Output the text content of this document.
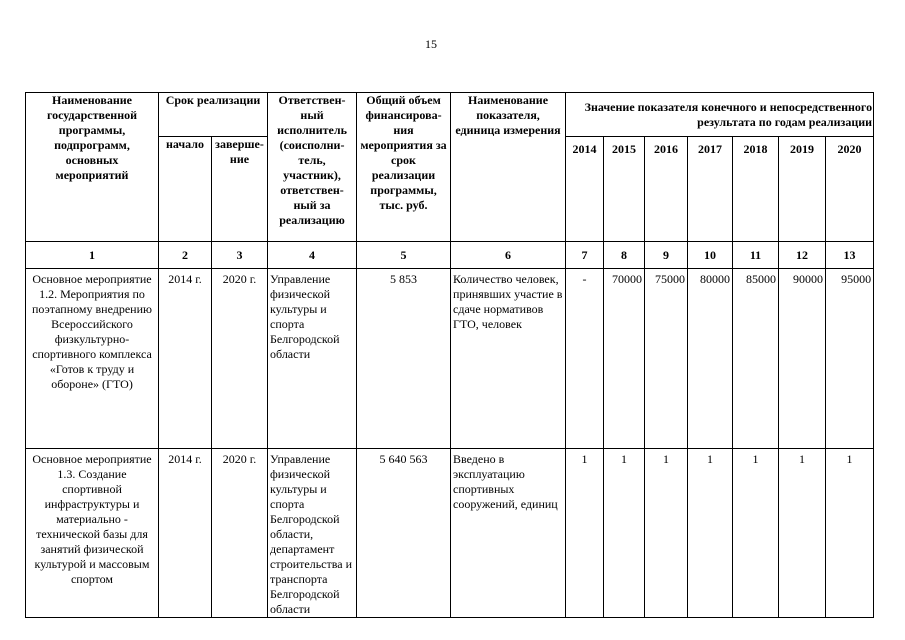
15
Наименование государственной программы, подпрограмм, основных мероприятий	Срок реализации		Ответствен-ный исполнитель (соисполни-тель, участник), ответствен-ный за реализацию	Общий объем финансирова-ния мероприятия за срок реализации программы, тыс. руб.	Наименование показателя, единица измерения	Значение показателя конечного и непосредственного результата по годам реализации						
	начало	заверше-ние				2014	2015	2016	2017	2018	2019	2020
1	2	3	4	5	6	7	8	9	10	11	12	13
Основное мероприятие 1.2. Мероприятия по поэтапному внедрению Всероссийского физкультурно-спортивного комплекса «Готов к труду и обороне» (ГТО)	2014 г.	2020 г.	Управление физической культуры и спорта Белгородской области	5 853	Количество человек, принявших участие в сдаче нормативов ГТО, человек	-	70000	75000	80000	85000	90000	95000
Основное мероприятие 1.3. Создание спортивной инфраструктуры и материально - технической базы для занятий физической культурой и массовым спортом	2014 г.	2020 г.	Управление физической культуры и спорта Белгородской области, департамент строительства и транспорта Белгородской области	5 640 563	Введено в эксплуатацию спортивных сооружений, единиц	1	1	1	1	1	1	1
